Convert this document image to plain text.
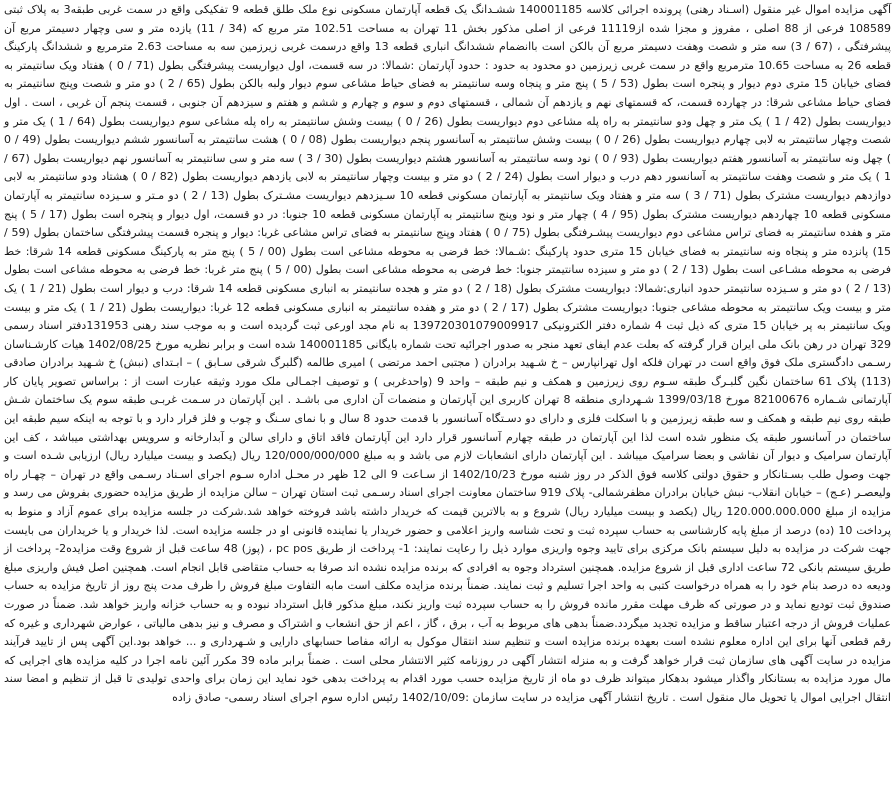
آگهی مزایده اموال غیر منقول (اسـناد رهنی) پرونده اجرائی کلاسه 140001185 ششـدانگ یک قطعه آپارتمان مسکونی نوع ملک طلق قطعه 9 تفکیکی واقع در سمت غربی طبقه3 به پلاک ثبتی 108589 فرعی از 88 اصلی ، مفروز و مجزا شده از11119 فرعی از اصلی مذکور بخش 11 تهران به مساحت 102.51 متر مربع که (34 / 11) یازده متر و سی وچهار دسیمتر مربع آن پیشرفتگی ، (67 / 3) سه متر و شصت وهفت دسیمتر مربع آن بالکن است باانضمام ششدانگ انباری قطعه 13 واقع درسمت غربی زیرزمین سه به مساحت 2.63 مترمربع و ششدانگ پارکینگ قطعه 26 به مساحت 10.65 مترمربع واقع در سمت غربی زیرزمین دو محدود به حدود : حدود آپارتمان :شمالا: در سه قسمت، اول دیواریست پیشرفتگی بطول (71 / 0 ) هفتاد ویک سانتیمتر به فضای خیابان 15 متری دوم دیوار و پنجره است بطول (53 / 5 ) پنج متر و پنجاه وسه سانتیمتر به فضای حیاط مشاعی سوم دیوار ولبه بالکن بطول (65 / 2 ) دو متر و شصت وپنج سانتیمتر به فضای حیاط مشاعی شرقا: در چهارده قسمت، که قسمتهای نهم و یازدهم آن شمالی ، قسمتهای دوم و سوم و چهارم و ششم و هفتم و سیزدهم آن جنوبی ، قسمت پنجم آن غربی ، است . اول دیواریست بطول (42 / 1 ) یک متر و چهل ودو سانتیمتر به راه پله مشاعی دوم دیواریست بطول (26 / 0 ) بیست وشش سانتیمتر به راه پله مشاعی سوم دیواریست بطول (64 / 1 ) یک متر و شصت وچهار سانتیمتر به لابی چهارم دیواریست بطول (26 / 0 ) بیست وشش سانتیمتر به آسانسور پنجم دیواریست بطول (08 / 0 ) هشت سانتیمتر به آسانسور ششم دیواریست بطول (49 / 0 ) چهل ونه سانتیمتر به آسانسور هفتم دیواریست بطول (93 / 0 ) نود وسه سانتیمتر به آسانسور هشتم دیواریست بطول (30 / 3 ) سه متر و سی سانتیمتر به آسانسور نهم دیواریست بطول (67 / 1 ) یک متر و شصت وهفت سانتیمتر به آسانسور دهم درب و دیوار است بطول (24 / 2 ) دو متر و بیست وچهار سانتیمتر به لابی یازدهم دیواریست بطول (82 / 0 ) هشتاد ودو سانتیمتر به لابی دوازدهم دیواریست مشترک بطول (71 / 3 ) سه متر و هفتاد ویک سانتیمتر به آپارتمان مسکونی قطعه 10 سـیزدهم دیواریست مشـترک بطول (13 / 2 ) دو مـتر و سـیزده سانتیمتر به آپارتمان مسکونی قطعه 10 چهاردهم دیواریست مشترک بطول (95 / 4 ) چهار متر و نود وپنج سانتیمتر به آپارتمان مسکونی قطعه 10 جنوبا: در دو قسمت، اول دیوار و پنجره است بطول (17 / 5 ) پنج متر و هفده سانتیمتر به فضای تراس مشاعی دوم دیواریست پیشـرفتگی بطول (75 / 0 ) هفتاد وپنج سانتیمتر به فضای تراس مشاعی غربا: دیوار و پنجره قسمت پیشرفتگی ساختمان بطول (59 / 15) پانزده متر و پنجاه ونه سانتیمتر به فضای خیابان 15 متری حدود پارکینگ :شـمالا: خط فرضی به محوطه مشاعی است بطول (00 / 5 ) پنج متر به پارکینگ مسکونی قطعه 14 شرقا: خط فرضی به محوطه مشـاعی است بطول (13 / 2 ) دو متر و سیزده سانتیمتر جنوبا: خط فرضی به محوطه مشاعی است بطول (00 / 5 ) پنج متر غربا: خط فرضی به محوطه مشاعی است بطول (13 / 2 ) دو متر و سـیزده سانتیمتر حدود انباری:شمالا: دیواریست مشترک بطول (18 / 2 ) دو متر و هجده سانتیمتر به انباری مسکونی قطعه 14 شرقا: درب و دیوار است بطول (21 / 1 ) یک متر و بیست ویک سانتیمتر به محوطه مشاعی جنوبا: دیواریست مشترک بطول (17 / 2 ) دو متر و هفده سانتیمتر به انباری مسکونی قطعه 12 غربا: دیواریست بطول (21 / 1 ) یک متر و بیست ویک سانتیمتر به پر خیابان 15 متری که ذیل ثبت 4 شماره دفتر الکترونیکی 139720301079009917 به نام مجد اورعی ثبت گردیده است و به موجب سند رهنی 131953دفتر اسناد رسمی 329 تهران در رهن بانک ملی ایران قرار گرفته که بعلت عدم ایفای تعهد منجر به صدور اجرائیه تحت شماره بایگانی 140001185 شده است و برابر نظریه مورخ 1402/08/25 هیات کارشـناسان رسـمی دادگستری ملک فوق واقع است در تهران فلکه اول تهرانپارس – خ شـهید برادران ( مجتبی احمد مرتضی ) امیری طالمه (گلبرگ شرقی سـابق ) – ابـتدای (نبش) خ شـهید برادران صادقی (113) پلاک 61 ساختمان نگین گلبـرگ طبقه سـوم روی زیرزمین و همکف و نیم طبقه – واحد 9 (واحدغربی ) و توصیف اجمـالی ملک مورد وثیقه عبارت است از : براساس تصویر پایان کار آپارتمانی شـماره 82100676 مورخ 1399/03/18 شـهرداری منطقه 8 تهران کاربری این آپارتمان و منضمات آن اداری می باشـد . این آپارتمان در سـمت غربـی طبقه سوم یک ساختمان شـش طبقه روی نیم طبقه و همکف و سه طبقه زیرزمین و با اسکلت فلزی و دارای دو دسـتگاه آسانسور با قدمت حدود 8 سال و با نمای سـنگ و چوب و فلز قرار دارد و با توجه به اینکه سیم طبقه این ساختمان در آسانسور طبقه یک منظور شده است لذا این آپارتمان در طبقه چهارم آسانسور قرار دارد این آپارتمان فاقد اتاق و دارای سالن و آبدارخانه و سرویس بهداشتی میباشد ، کف این آپارتمان سرامیک و دیوار آن نقاشی و بعضا سرامیک میباشد . این آپارتمان دارای انشعابات لازم می باشد و به مبلغ 120/000/000/000 ریال (یکصد و بیست میلیارد ریال) ارزیابی شـده است و جهت وصول طلب بسـتانکار و حقوق دولتی کلاسه فوق الذکر در روز شنبه مورخ 1402/10/23 از سـاعت 9 الی 12 ظهر در محـل اداره سـوم اجرای اسـناد رسـمی واقع در تهران – چهـار راه ولیعصـر (عـج) – خیابان انقلاب- نبش خیابان برادران مظفرشمالی- پلاک 919 ساختمان معاونت اجرای اسناد رسـمی ثبت استان تهران – سالن مزایده از طریق مزایده حضوری بفروش می رسد و مزایده از مبلغ 120.000.000.000 ریال (یکصد و بیست میلیارد ریال) شروع و به بالاترین قیمت که خریدار داشته باشد فروخته خواهد شد.شرکت در جلسه مزایده برای عموم آزاد و منوط به پرداخت 10 (ده) درصد از مبلغ پایه کارشناسی به حساب سپرده ثبت و تحت شناسه واریز اعلامی و حضور خریدار یا نماینده قانونی او در جلسه مزایده است. لذا خریدار و یا خریداران می بایست جهت شرکت در مزایده به دلیل سیستم بانک مرکزی برای تایید وجوه واریزی موارد ذیل را رعایت نمایند: 1- پرداخت از طریق pc pos ، (پوز) 48 ساعت قبل از شروع وقت مزایده2- پرداخت از طریق سیستم بانکی 72 ساعت اداری قبل از شروع مزایده. همچنین استرداد وجوه به افرادی که برنده مزایده نشده اند صرفا به حساب متقاضی قابل انجام است. همچنین اصل فیش واریزی مبلغ ودیعه ده درصد بنام خود را به همراه درخواست کتبی به واحد اجرا تسلیم و ثبت نمایند. ضمناً برنده مزایده مکلف است مابه التفاوت مبلغ فروش را ظرف مدت پنج روز از تاریخ مزایده به حساب صندوق ثبت تودیع نماید و در صورتی که ظرف مهلت مقرر مانده فروش را به حساب سپرده ثبت واریز نکند، مبلغ مذکور قابل استرداد نبوده و به حساب خزانه واریز خواهد شد. ضمناً در صورت عملیات فروش از درجه اعتبار ساقط و مزایده تجدید میگردد.ضمناً بدهی های مربوط به آب ، برق ، گاز ، اعم از حق انشعاب و اشتراک و مصرف و نیز بدهی مالیاتی ، عوارض شهرداری و غیره که رقم قطعی آنها برای این اداره معلوم نشده است بعهده برنده مزایده است و تنظیم سند انتقال موکول به ارائه مفاصا حسابهای دارایی و شـهرداری و ... خواهد بود.این آگهی پس از تایید فرآیند مزایده در سایت آگهی های سازمان ثبت قرار خواهد گرفت و به منزله انتشار آگهی در روزنامه کثیر الانتشار محلی است . ضمناً برابر ماده 39 مکرر آئین نامه اجرا در کلیه مزایده های اجرایی که مال مورد مزایده به بستانکار واگذار میشود بدهکار میتواند ظرف دو ماه از تاریخ مزایده حسب مورد اقدام به پرداخت بدهی خود نماید این زمان برای واحدی تولیدی تا قبل از تنظیم و امضا سند انتقال اجرایی اموال یا تحویل مال منقول است . تاریخ انتشار آگهی مزایده در سایت سازمان :1402/10/09 رئیس اداره سوم اجرای اسناد رسمی- صادق زاده
